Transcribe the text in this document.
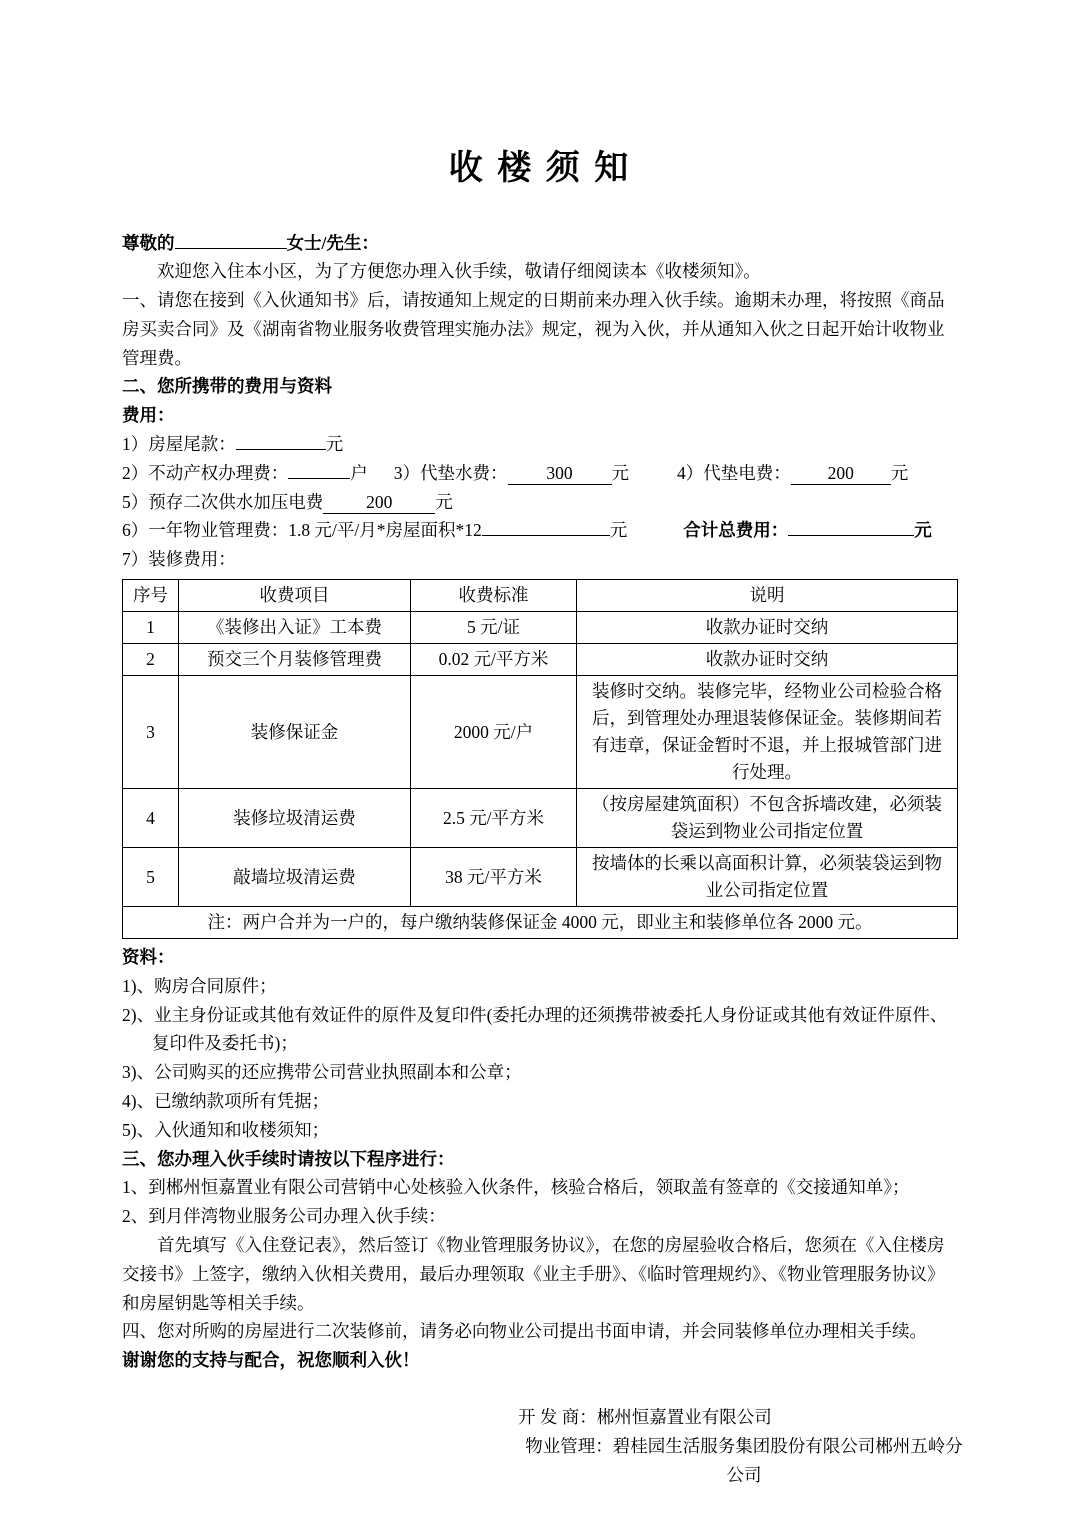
收 楼 须 知
尊敬的	女士/先生：
欢迎您入住本小区，为了方便您办理入伙手续，敬请仔细阅读本《收楼须知》。
一、请您在接到《入伙通知书》后，请按通知上规定的日期前来办理入伙手续。逾期未办理，将按照《商品房买卖合同》及《湖南省物业服务收费管理实施办法》规定，视为入伙，并从通知入伙之日起开始计收物业管理费。
二、您所携带的费用与资料
费用：
1）房屋尾款：	元
2）不动产权办理费：	户 3）代垫水费： 300 元	4）代垫电费： 200 元
5）预存二次供水加压电费 200 元
6）一年物业管理费：1.8 元/平/月*房屋面积*12	元	合计总费用：	元
7）装修费用：
序号	收费项目	收费标准	说明
1	《装修出入证》工本费	5 元/证	收款办证时交纳
2	预交三个月装修管理费	0.02 元/平方米	收款办证时交纳
3	装修保证金	2000 元/户	装修时交纳。装修完毕，经物业公司检验合格后，到管理处办理退装修保证金。装修期间若有违章，保证金暂时不退，并上报城管部门进行处理。
4	装修垃圾清运费	2.5 元/平方米	（按房屋建筑面积）不包含拆墙改建，必须装袋运到物业公司指定位置
5	敲墙垃圾清运费	38 元/平方米	按墙体的长乘以高面积计算，必须装袋运到物业公司指定位置
注：两户合并为一户的，每户缴纳装修保证金 4000 元，即业主和装修单位各 2000 元。			
资料：
1)、购房合同原件；
2)、业主身份证或其他有效证件的原件及复印件(委托办理的还须携带被委托人身份证或其他有效证件原件、复印件及委托书)；
3)、公司购买的还应携带公司营业执照副本和公章；
4)、已缴纳款项所有凭据；
5)、入伙通知和收楼须知；
三、您办理入伙手续时请按以下程序进行：
1、到郴州恒嘉置业有限公司营销中心处核验入伙条件，核验合格后，领取盖有签章的《交接通知单》；
2、到月伴湾物业服务公司办理入伙手续：
首先填写《入住登记表》，然后签订《物业管理服务协议》，在您的房屋验收合格后，您须在《入住楼房交接书》上签字，缴纳入伙相关费用，最后办理领取《业主手册》、《临时管理规约》、《物业管理服务协议》和房屋钥匙等相关手续。
四、您对所购的房屋进行二次装修前，请务必向物业公司提出书面申请，并会同装修单位办理相关手续。
谢谢您的支持与配合，祝您顺利入伙！
开 发 商：郴州恒嘉置业有限公司
物业管理：碧桂园生活服务集团股份有限公司郴州五岭分公司
